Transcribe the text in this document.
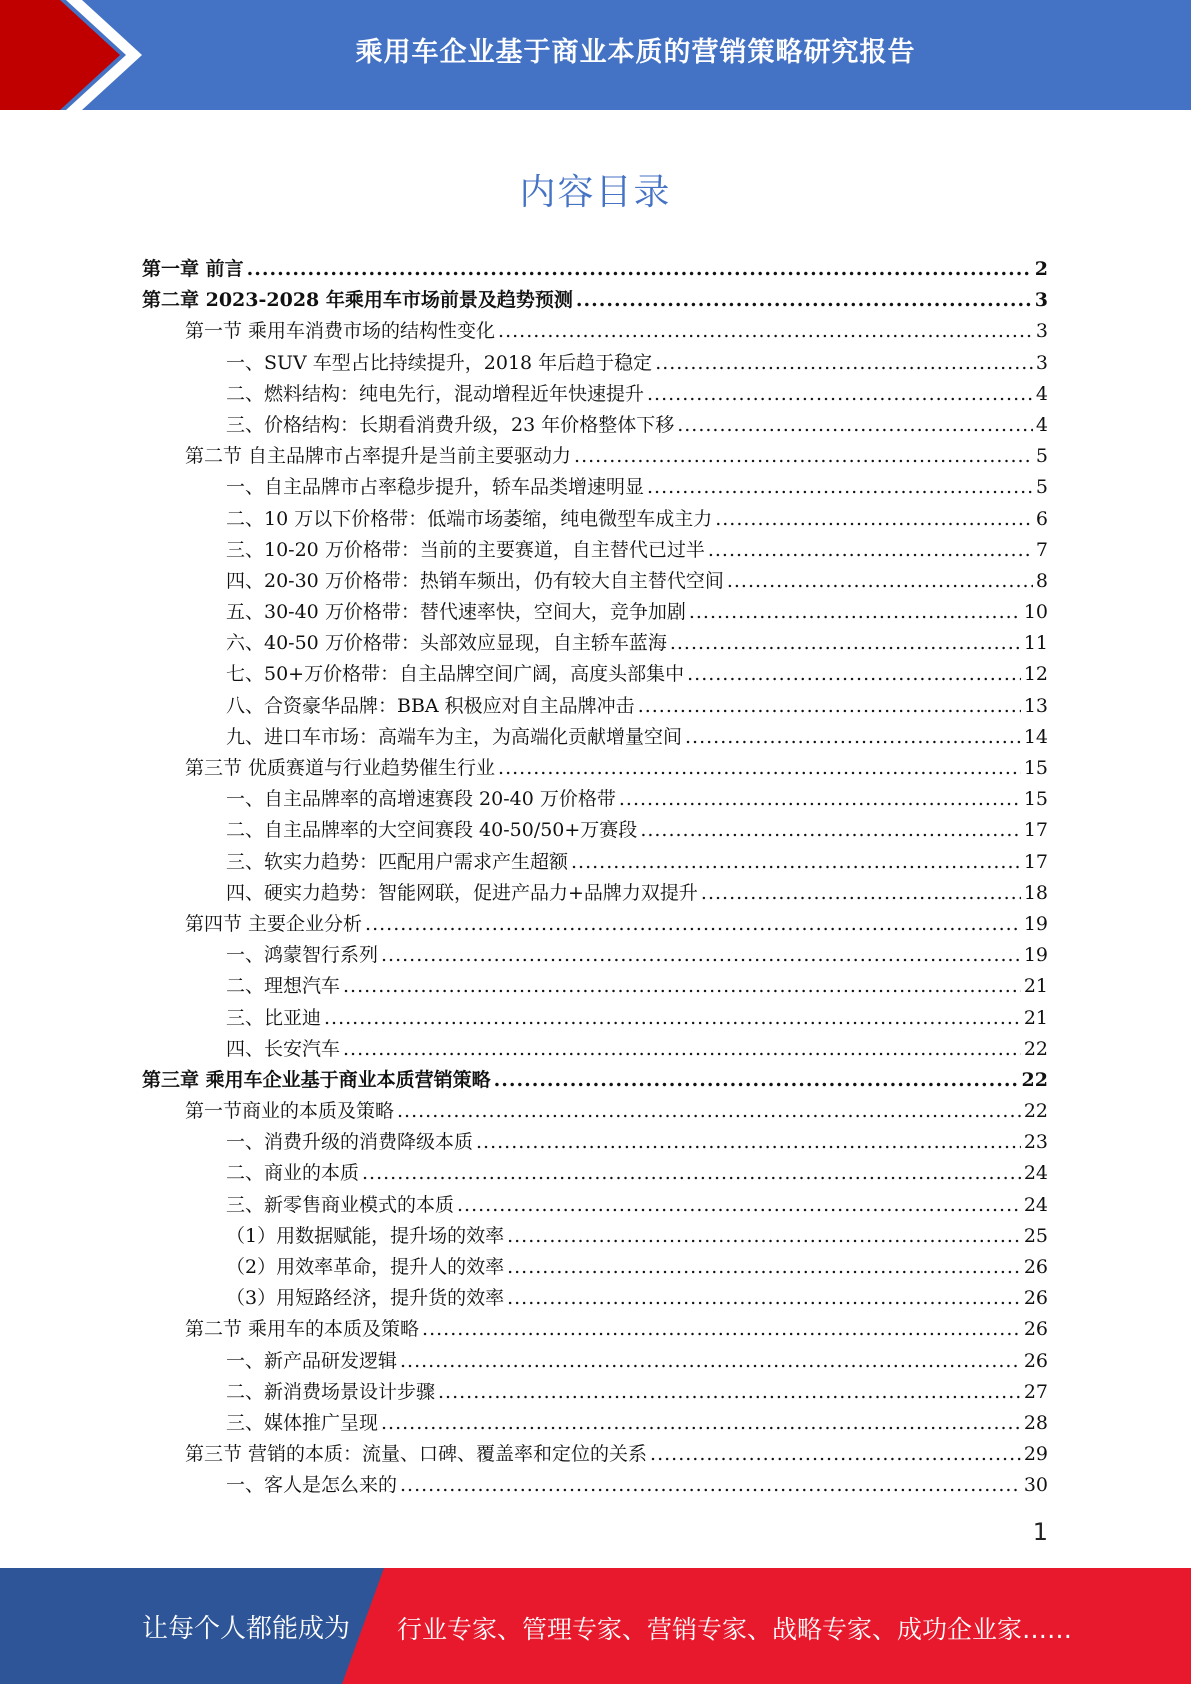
乘用车企业基于商业本质的营销策略研究报告
内容目录
第一章 前言 .....	2
第二章 2023-2028 年乘用车市场前景及趋势预测 .....	3
第一节 乘用车消费市场的结构性变化 .....	3
一、SUV 车型占比持续提升，2018 年后趋于稳定 .....	3
二、燃料结构：纯电先行，混动增程近年快速提升 .....	4
三、价格结构：长期看消费升级，23 年价格整体下移 .....	4
第二节 自主品牌市占率提升是当前主要驱动力 .....	5
一、自主品牌市占率稳步提升，轿车品类增速明显 .....	5
二、10 万以下价格带：低端市场萎缩，纯电微型车成主力 .....	6
三、10-20 万价格带：当前的主要赛道，自主替代已过半 .....	7
四、20-30 万价格带：热销车频出，仍有较大自主替代空间 .....	8
五、30-40 万价格带：替代速率快，空间大，竞争加剧 .....	10
六、40-50 万价格带：头部效应显现，自主轿车蓝海 .....	11
七、50+万价格带：自主品牌空间广阔，高度头部集中 .....	12
八、合资豪华品牌：BBA 积极应对自主品牌冲击 .....	13
九、进口车市场：高端车为主，为高端化贡献增量空间 .....	14
第三节 优质赛道与行业趋势催生行业 .....	15
一、自主品牌率的高增速赛段 20-40 万价格带 .....	15
二、自主品牌率的大空间赛段 40-50/50+万赛段 .....	17
三、软实力趋势：匹配用户需求产生超额 .....	17
四、硬实力趋势：智能网联，促进产品力+品牌力双提升 .....	18
第四节 主要企业分析 .....	19
一、鸿蒙智行系列 .....	19
二、理想汽车 .....	21
三、比亚迪 .....	21
四、长安汽车 .....	22
第三章 乘用车企业基于商业本质营销策略 .....	22
第一节商业的本质及策略 .....	22
一、消费升级的消费降级本质 .....	23
二、商业的本质 .....	24
三、新零售商业模式的本质 .....	24
（1）用数据赋能，提升场的效率 .....	25
（2）用效率革命，提升人的效率 .....	26
（3）用短路经济，提升货的效率 .....	26
第二节 乘用车的本质及策略 .....	26
一、新产品研发逻辑 .....	26
二、新消费场景设计步骤 .....	27
三、媒体推广呈现 .....	28
第三节 营销的本质：流量、口碑、覆盖率和定位的关系 .....	29
一、客人是怎么来的 .....	30
1
让每个人都能成为 行业专家、管理专家、营销专家、战略专家、成功企业家……
